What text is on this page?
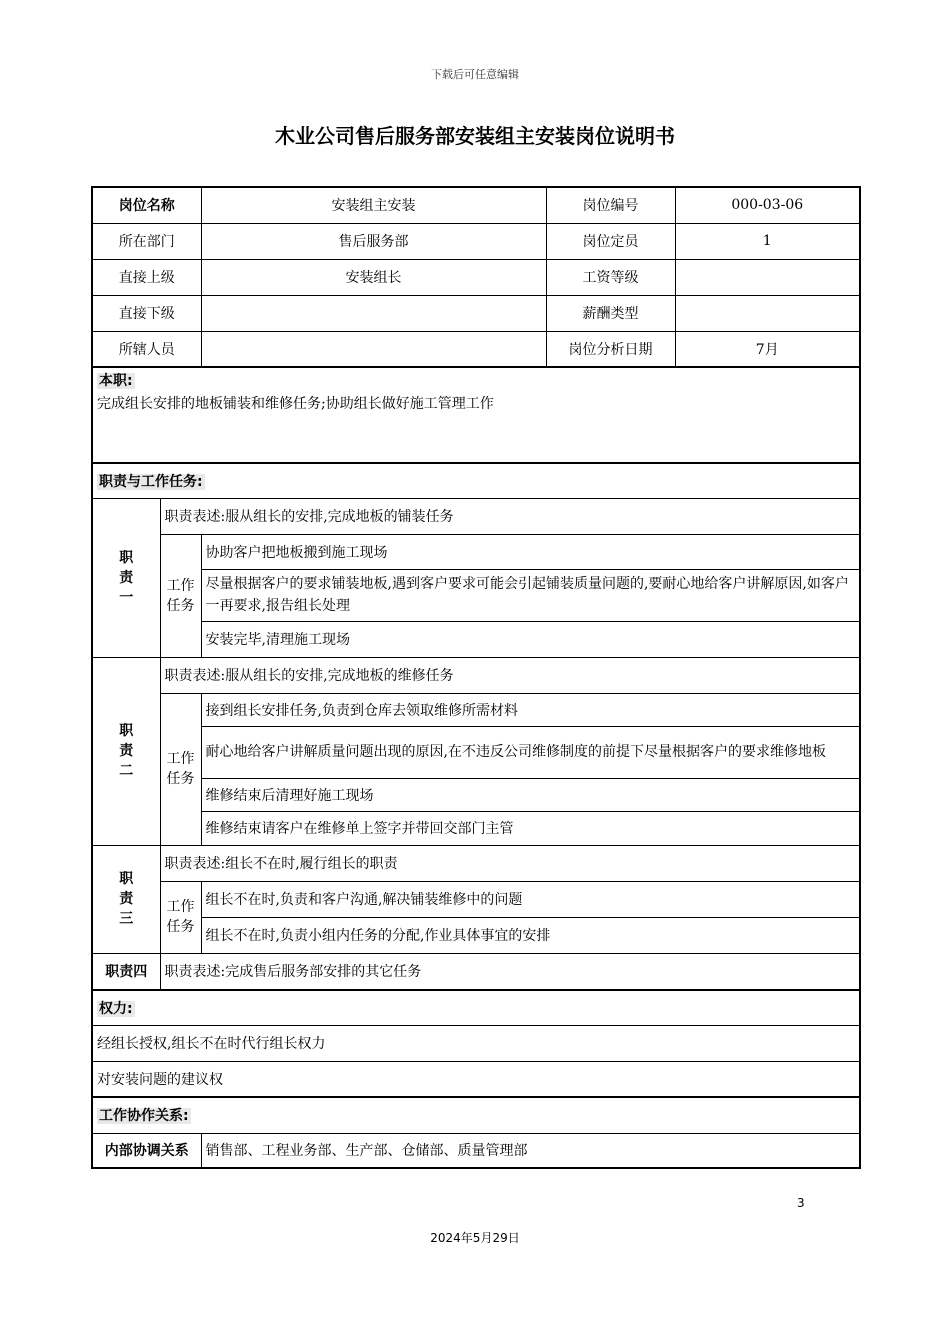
下载后可任意编辑
木业公司售后服务部安装组主安装岗位说明书
岗位名称		安装组主安装	岗位编号	000-03-06
所在部门		售后服务部	岗位定员	1
直接上级		安装组长	工资等级	
直接下级			薪酬类型	
所辖人员			岗位分析日期	7月

本职:
完成组长安排的地板铺装和维修任务;协助组长做好施工管理工作				

职责与工作任务:				
职责一	职责表述:服从组长的安排,完成地板的铺装任务			
	工作任务	协助客户把地板搬到施工现场		
		尽量根据客户的要求铺装地板,遇到客户要求可能会引起铺装质量问题的,要耐心地给客户讲解原因,如客户一再要求,报告组长处理		
		安装完毕,清理施工现场		
职责二	职责表述:服从组长的安排,完成地板的维修任务			
	工作任务	接到组长安排任务,负责到仓库去领取维修所需材料		
		耐心地给客户讲解质量问题出现的原因,在不违反公司维修制度的前提下尽量根据客户的要求维修地板		
		维修结束后清理好施工现场		
		维修结束请客户在维修单上签字并带回交部门主管		
职责三	职责表述:组长不在时,履行组长的职责			
	工作任务	组长不在时,负责和客户沟通,解决铺装维修中的问题		
		组长不在时,负责小组内任务的分配,作业具体事宜的安排		
职责四	职责表述:完成售后服务部安排的其它任务			
权力:				
经组长授权,组长不在时代行组长权力				
对安装问题的建议权				
工作协作关系:				
内部协调关系		销售部、工程业务部、生产部、仓储部、质量管理部		
3
2024年5月29日
